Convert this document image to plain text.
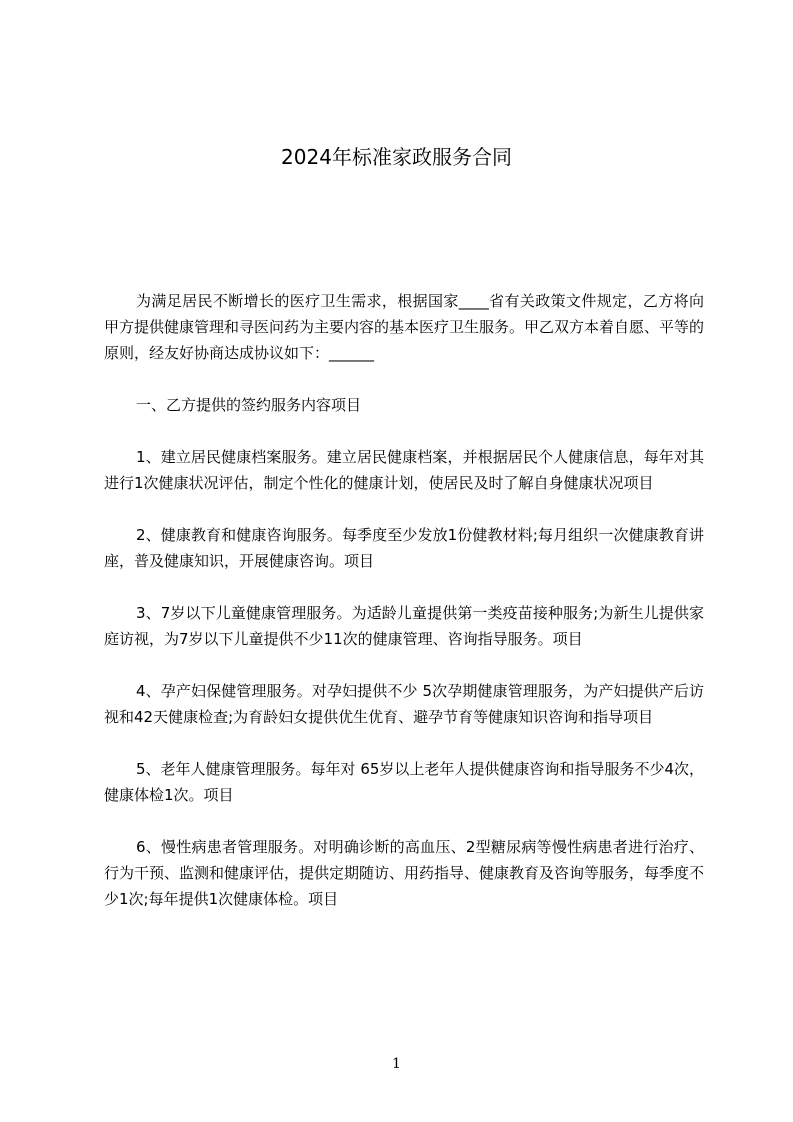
2024年标准家政服务合同

为满足居民不断增长的医疗卫生需求，根据国家____省有关政策文件规定，乙方将向甲方提供健康管理和寻医问药为主要内容的基本医疗卫生服务。甲乙双方本着自愿、平等的原则，经友好协商达成协议如下：______

一、乙方提供的签约服务内容项目

1、建立居民健康档案服务。建立居民健康档案，并根据居民个人健康信息，每年对其进行1次健康状况评估，制定个性化的健康计划，使居民及时了解自身健康状况项目

2、健康教育和健康咨询服务。每季度至少发放1份健教材料;每月组织一次健康教育讲座，普及健康知识，开展健康咨询。项目

3、7岁以下儿童健康管理服务。为适龄儿童提供第一类疫苗接种服务;为新生儿提供家庭访视，为7岁以下儿童提供不少11次的健康管理、咨询指导服务。项目

4、孕产妇保健管理服务。对孕妇提供不少 5次孕期健康管理服务，为产妇提供产后访视和42天健康检查;为育龄妇女提供优生优育、避孕节育等健康知识咨询和指导项目

5、老年人健康管理服务。每年对 65岁以上老年人提供健康咨询和指导服务不少4次，健康体检1次。项目

6、慢性病患者管理服务。对明确诊断的高血压、2型糖尿病等慢性病患者进行治疗、行为干预、监测和健康评估，提供定期随访、用药指导、健康教育及咨询等服务，每季度不少1次;每年提供1次健康体检。项目

1
